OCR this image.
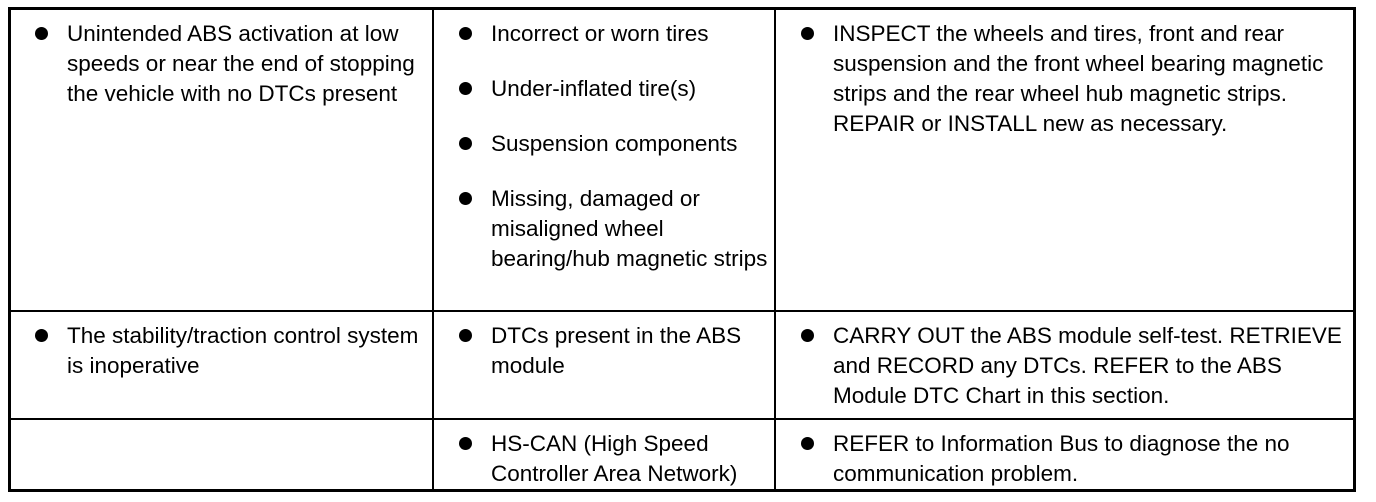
Unintended ABS activation at low speeds or near the end of stopping the vehicle with no DTCs present
Incorrect or worn tires
Under-inflated tire(s)
Suspension components
Missing, damaged or misaligned wheel bearing/hub magnetic strips
INSPECT the wheels and tires, front and rear suspension and the front wheel bearing magnetic strips and the rear wheel hub magnetic strips. REPAIR or INSTALL new as necessary.
The stability/traction control system is inoperative
DTCs present in the ABS module
CARRY OUT the ABS module self-test. RETRIEVE and RECORD any DTCs. REFER to the ABS Module DTC Chart in this section.
HS-CAN (High Speed Controller Area Network)
REFER to Information Bus to diagnose the no communication problem.
